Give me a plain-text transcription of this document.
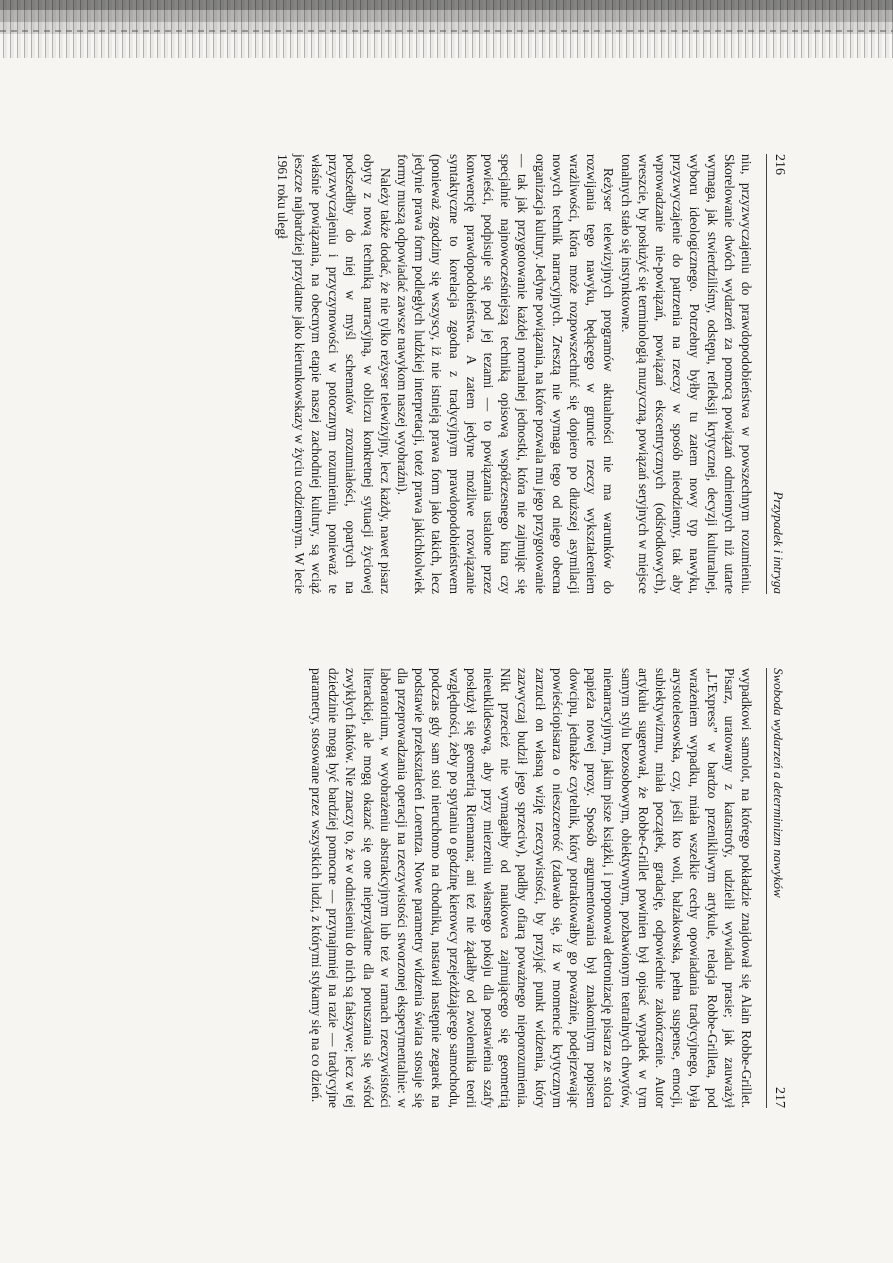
216
Przypadek i intryga

niu, przyzwyczajeniu do prawdopodobieństwa w powszechnym rozumieniu. Skorelowanie dwóch wydarzeń za pomocą powiązań odmiennych niż utarte wymaga, jak stwierdziliśmy, odstępu, refleksji krytycznej, decyzji kulturalnej, wyboru ideologicznego. Potrzebny byłby tu zatem nowy typ nawyku, przyzwyczajenie do patrzenia na rzeczy w sposób nieodzienny, tak aby wprowadzanie nie-powiązań, powiązań ekscentrycznych (odśrodkowych), wreszcie, by posłużyć się terminologią muzyczną, powiązań seryjnych w miejsce tonalnych stało się instynktowne.

Reżyser telewizyjnych programów aktualności nie ma warunków do rozwijania tego nawyku, będącego w gruncie rzeczy wykształceniem wrażliwości, która może rozpowszechnić się dopiero po dłuższej asymilacji nowych technik narracyjnych. Zresztą nie wymaga tego od niego obecna organizacja kultury. Jedyne powiązania, na które pozwala mu jego przygotowanie — tak jak przygotowanie każdej normalnej jednostki, która nie zajmując się specjalnie najnowocześniejszą techniką opisową współczesnego kina czy powieści, podpisuje się pod jej tezami — to powiązania ustalone przez konwencję prawdopodobieństwa. A zatem jedyne możliwe rozwiązanie syntaktyczne to korelacja zgodna z tradycyjnym prawdopodobieństwem (ponieważ zgodziny się wszyscy, iż nie istnieją prawa form jako takich, lecz jedynie prawa form podległych ludzkiej interpretacji, toteż prawa jakichkolwiek formy muszą odpowiadać zawsze nawykom naszej wyobraźni).

Należy także dodać, że nie tylko reżyser telewizyjny, lecz każdy, nawet pisarz obyty z nową techniką narracyjną, w obliczu konkretnej sytuacji życiowej podszedłby do niej w myśl schematów zrozumiałości, opartych na przyzwyczajeniu i przyczynowości w potocznym rozumieniu, ponieważ te właśnie powiązania, na obecnym etapie naszej zachodniej kultury, są wciąż jeszcze najbardziej przydatne jako kierunkowskazy w życiu codziennym. W lecie 1961 roku uległ

Swoboda wydarzeń a determinizm nawyków
217

wypadkowi samolot, na którego pokładzie znajdował się Alain Robbe-Grillet. Pisarz, uratowany z katastrofy, udzielił wywiadu prasie; jak zauważył „L'Express” w bardzo przenikliwym artykule, relacja Robbe-Grilleta, pod wrażeniem wypadku, miała wszelkie cechy opowiadania tradycyjnego, była arystotelesowska, czy, jeśli kto woli, balzakowska, pełna suspense, emocji, subiektywizmu, miała początek, gradację, odpowiednie zakończenie. Autor artykułu sugerował, że Robbe-Grillet powinien był opisać wypadek w tym samym stylu bezosobowym, obiektywnym, pozbawionym teatralnych chwytów, nienarracyjnym, jakim pisze książki, i proponował detronizację pisarza ze stolca papieża nowej prozy. Sposób argumentowania był znakomitym popisem dowcipu, jednakże czytelnik, który potraktowałby go poważnie, podejrzewając powieściopisarza o nieszczerość (zdawało się, iż w momencie krytycznym zarzucił on własną wizję rzeczywistości, by przyjąć punkt widzenia, który zazwyczaj budził jego sprzeciw), padłby ofiarą poważnego nieporozumienia. Nikt przecież nie wymagałby od naukowca zajmującego się geometrią nieeuklidesową, aby przy mierzeniu własnego pokoju dla postawienia szafy posłużył się geometrią Riemanna; ani też nie żądałby od zwolennika teorii względności, żeby po spytaniu o godzinę kierowcy przejeżdżającego samochodu, podczas gdy sam stoi nieruchomo na chodniku, nastawił następnie zegarek na podstawie przekształceń Lorentza. Nowe parametry widzenia świata stosuje się dla przeprowadzania operacji na rzeczywistości stworzonej eksperymentalnie: w laboratorium, w wyobrażeniu abstrakcyjnym lub też w ramach rzeczywistości literackiej, ale mogą okazać się one nieprzydatne dla poruszania się wśród zwykłych faktów. Nie znaczy to, że w odniesieniu do nich są fałszywe; lecz w tej dziedzinie mogą być bardziej pomocne — przynajmniej na razie — tradycyjne parametry, stosowane przez wszystkich ludzi, z którymi stykamy się na co dzień.
